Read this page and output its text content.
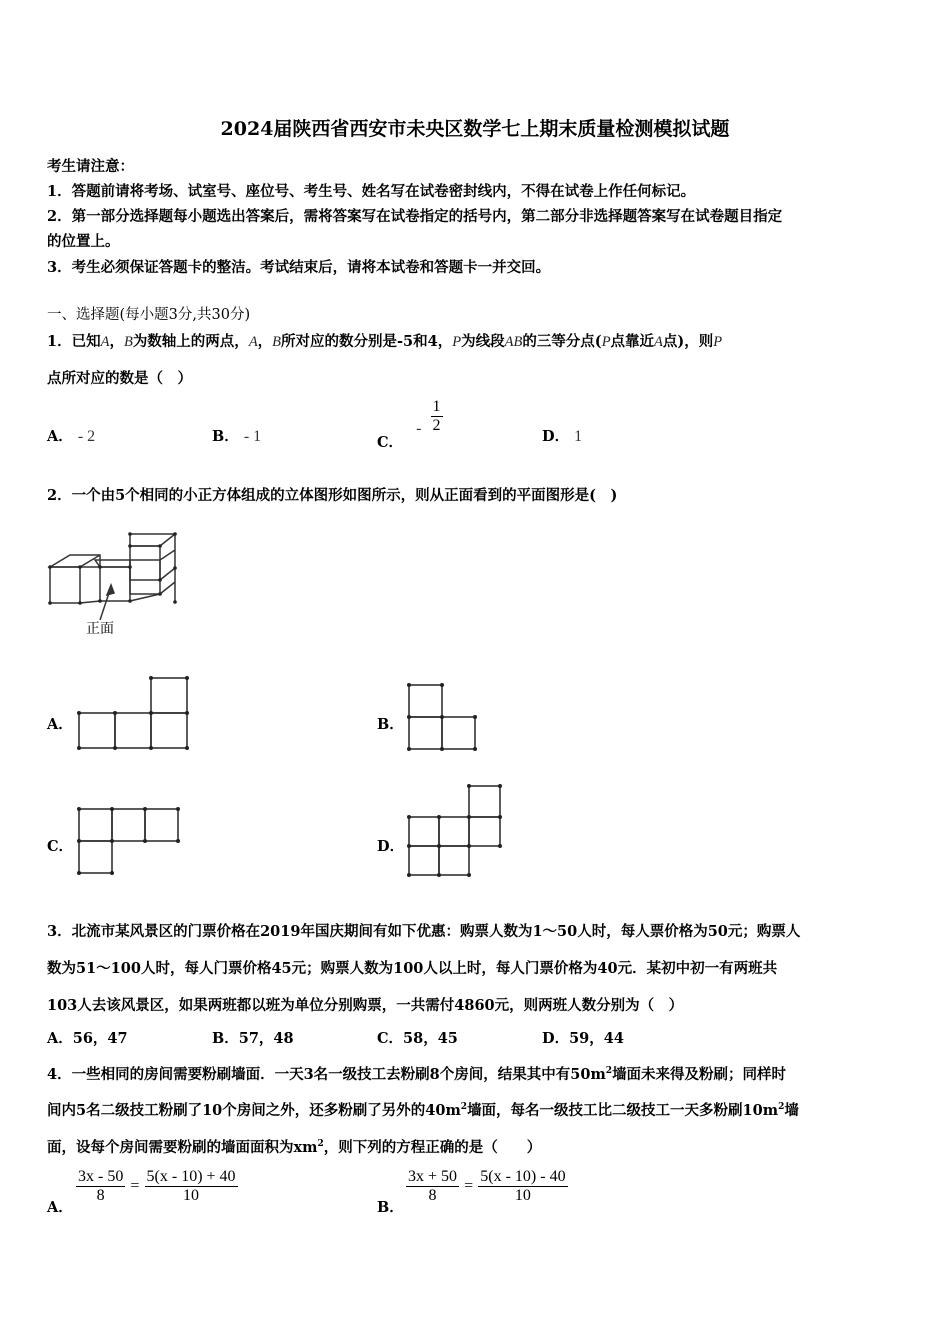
2024届陕西省西安市未央区数学七上期末质量检测模拟试题
考生请注意：
1．答题前请将考场、试室号、座位号、考生号、姓名写在试卷密封线内，不得在试卷上作任何标记。
2．第一部分选择题每小题选出答案后，需将答案写在试卷指定的括号内，第二部分非选择题答案写在试卷题目指定
的位置上。
3．考生必须保证答题卡的整洁。考试结束后，请将本试卷和答题卡一并交回。
一、选择题(每小题3分,共30分)
1．已知A，B为数轴上的两点，A，B所对应的数分别是-5和4，P为线段AB的三等分点(P点靠近A点)，则P
点所对应的数是（　）
A． - 2	B． - 1	C． - $\frac{1}{2}$
D． 1
2．一个由5个相同的小正方体组成的立体图形如图所示，则从正面看到的平面图形是(　)
正面
A．	B．
C．	D．
3．北流市某风景区的门票价格在2019年国庆期间有如下优惠：购票人数为1～50人时，每人票价格为50元；购票人
数为51～100人时，每人门票价格45元；购票人数为100人以上时，每人门票价格为40元．某初中初一有两班共
103人去该风景区，如果两班都以班为单位分别购票，一共需付4860元，则两班人数分别为（　）
A．56，47	B．57，48	C．58，45	D．59，44
4．一些相同的房间需要粉刷墙面．一天3名一级技工去粉刷8个房间，结果其中有$50m^2$墙面未来得及粉刷；同样时
间内5名二级技工粉刷了10个房间之外，还多粉刷了另外的$40m^2$墙面，每名一级技工比二级技工一天多粉刷$10m^2$墙
面，设每个房间需要粉刷的墙面面积为$xm^2$，则下列的方程正确的是（　　）
A．
$\frac{3x - 50}{8} = \frac{5(x - 10) + 40}{10}$
B．
$\frac{3x + 50}{8} = \frac{5(x - 10) - 40}{10}$
